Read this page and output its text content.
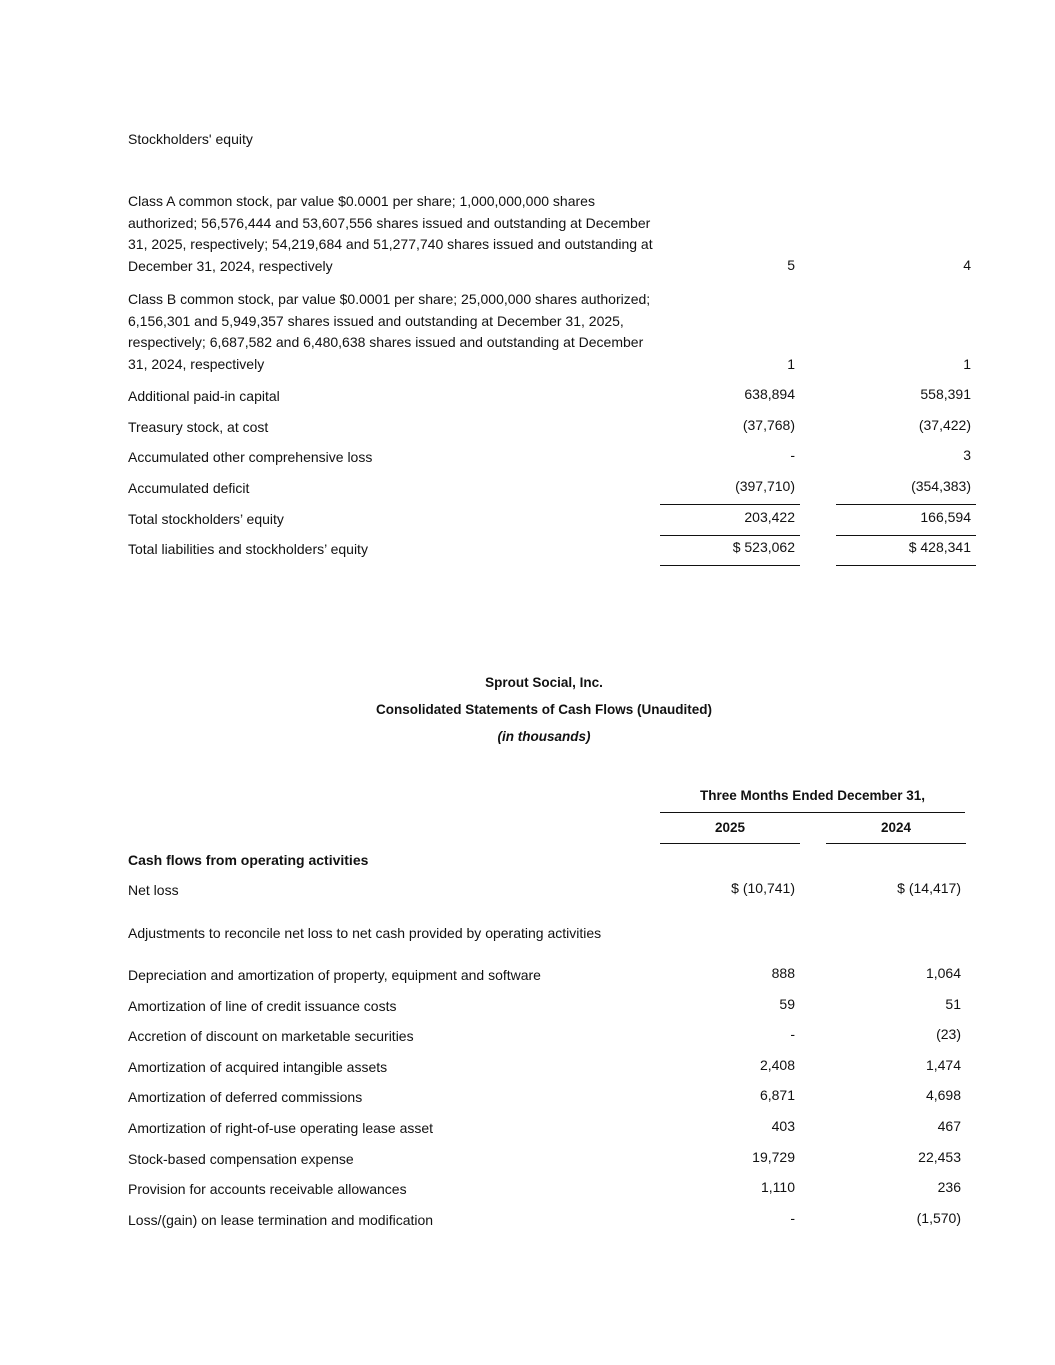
Stockholders' equity
Class A common stock, par value $0.0001 per share; 1,000,000,000 shares authorized; 56,576,444 and 53,607,556 shares issued and outstanding at December 31, 2025, respectively; 54,219,684 and 51,277,740 shares issued and outstanding at December 31, 2024, respectively	5	4
Class B common stock, par value $0.0001 per share; 25,000,000 shares authorized; 6,156,301 and 5,949,357 shares issued and outstanding at December 31, 2025, respectively; 6,687,582 and 6,480,638 shares issued and outstanding at December 31, 2024, respectively	1	1
Additional paid-in capital	638,894	558,391
Treasury stock, at cost	(37,768)	(37,422)
Accumulated other comprehensive loss	-	3
Accumulated deficit	(397,710)	(354,383)
Total stockholders’ equity	203,422	166,594
Total liabilities and stockholders’ equity	$ 523,062	$ 428,341
Sprout Social, Inc.
Consolidated Statements of Cash Flows (Unaudited)
(in thousands)
Three Months Ended December 31,
2025	2024
Cash flows from operating activities
Net loss	$ (10,741)	$ (14,417)
Adjustments to reconcile net loss to net cash provided by operating activities
Depreciation and amortization of property, equipment and software	888	1,064
Amortization of line of credit issuance costs	59	51
Accretion of discount on marketable securities	-	(23)
Amortization of acquired intangible assets	2,408	1,474
Amortization of deferred commissions	6,871	4,698
Amortization of right-of-use operating lease asset	403	467
Stock-based compensation expense	19,729	22,453
Provision for accounts receivable allowances	1,110	236
Loss/(gain) on lease termination and modification	-	(1,570)
